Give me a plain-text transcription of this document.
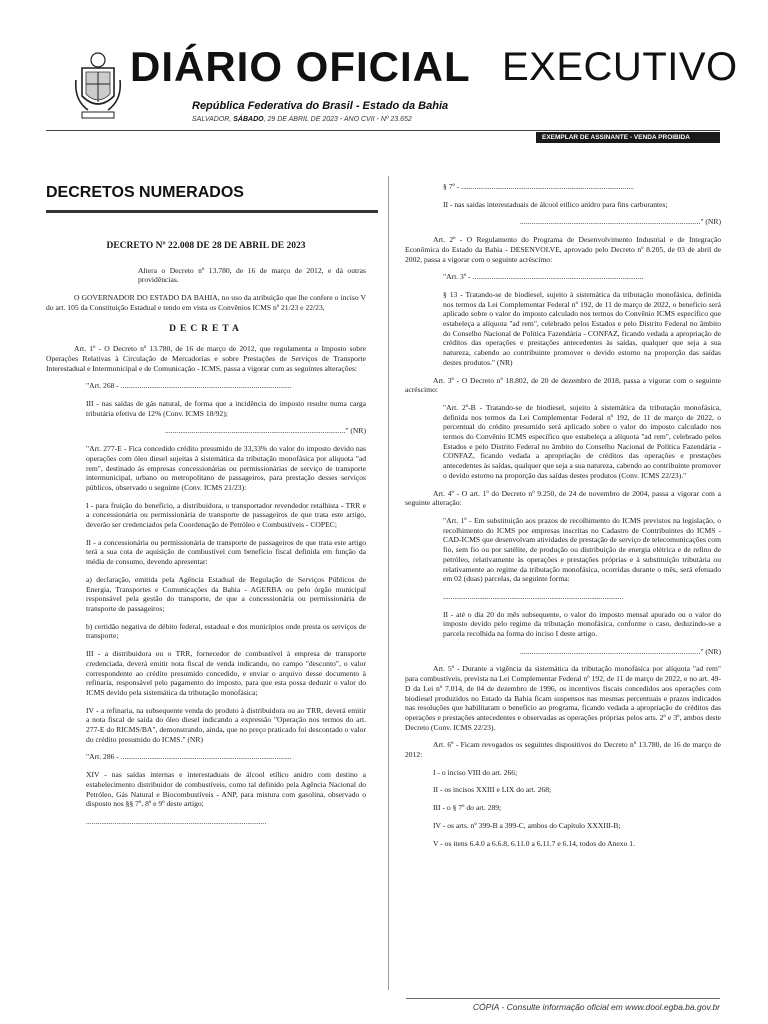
DIÁRIO OFICIAL EXECUTIVO
República Federativa do Brasil - Estado da Bahia
SALVADOR, SÁBADO, 29 DE ABRIL DE 2023 - ANO CVII - Nº 23.652
EXEMPLAR DE ASSINANTE - VENDA PROIBIDA
DECRETOS NUMERADOS
DECRETO Nº 22.008 DE 28 DE ABRIL DE 2023

Altera o Decreto nº 13.780, de 16 de março de 2012, e dá outras providências.

O GOVERNADOR DO ESTADO DA BAHIA, no uso da atribuição que lhe confere o inciso V do art. 105 da Constituição Estadual e tendo em vista os Convênios ICMS nº 21/23 e 22/23,

DECRETA

Art. 1º - O Decreto nº 13.780, de 16 de março de 2012, que regulamenta o Imposto sobre Operações Relativas à Circulação de Mercadorias e sobre Prestações de Serviços de Transporte Interestadual e Intermunicipal e de Comunicação - ICMS, passa a vigorar com as seguintes alterações:

"Art. 268 - ..........................................................................................

III - nas saídas de gás natural, de forma que a incidência do imposto resulte numa carga tributária efetiva de 12% (Conv. ICMS 18/92);

..............................................................................................." (NR)

"Art. 277-E - Fica concedido crédito presumido de 33,33% do valor do imposto devido nas operações com óleo diesel sujeitas à sistemática da tributação monofásica por alíquota "ad rem", destinado às empresas concessionárias ou permissionárias de serviço de transporte intermunicipal, urbano ou metropolitano de passageiros, para prestação desses serviços públicos, observado o seguinte (Conv. ICMS 21/23):

I - para fruição do benefício, a distribuidora, o transportador revendedor retalhista - TRR e a concessionária ou permissionária de transporte de passageiros de que trata este artigo, deverão ser credenciados pela Coordenação de Petróleo e Combustíveis - COPEC;

II - a concessionária ou permissionária de transporte de passageiros de que trata este artigo terá a sua cota de aquisição de combustível com benefício fiscal definida em função da média de consumo, devendo apresentar:

a) declaração, emitida pela Agência Estadual de Regulação de Serviços Públicos de Energia, Transportes e Comunicações da Bahia - AGERBA ou pelo órgão municipal responsável pela gestão do transporte, de que a concessionária ou permissionária de transporte de passageiros;

b) certidão negativa de débito federal, estadual e dos municípios onde presta os serviços de transporte;

III - a distribuidora ou o TRR, fornecedor de combustível à empresa de transporte credenciada, deverá emitir nota fiscal de venda indicando, no campo "desconto", o valor correspondente ao crédito presumido concedido, e enviar o arquivo desse documento à refinaria, responsável pelo pagamento do imposto, para que esta possa deduzir o valor do ICMS devido pela sistemática da tributação monofásica;

IV - a refinaria, na subsequente venda do produto à distribuidora ou ao TRR, deverá emitir a nota fiscal de saída do óleo diesel indicando a expressão "Operação nos termos do art. 277-E do RICMS/BA", demonstrando, ainda, que no preço praticado foi descontado o valor do crédito presumido do ICMS." (NR)

"Art. 286 - ..........................................................................................

XIV - nas saídas internas e interestaduais de álcool etílico anidro com destino a estabelecimento distribuidor de combustíveis, como tal definido pela Agência Nacional do Petróleo, Gás Natural e Biocombustíveis - ANP, para mistura com gasolina, observado o disposto nos §§ 7º, 8º e 9º deste artigo;

...............................................................................................

§ 7º - ...........................................................................................

II - nas saídas interestaduais de álcool etílico anidro para fins carburantes;

..............................................................................................." (NR)

Art. 2º - O Regulamento do Programa de Desenvolvimento Industrial e de Integração Econômica do Estado da Bahia - DESENVOLVE, aprovado pelo Decreto nº 8.205, de 03 de abril de 2002, passa a vigorar com o seguinte acréscimo:

"Art. 3º - ..........................................................................................

§ 13 - Tratando-se de biodiesel, sujeito à sistemática da tributação monofásica, definida nos termos da Lei Complementar Federal nº 192, de 11 de março de 2022, o benefício será aplicado sobre o valor do imposto calculado nos termos do Convênio ICMS específico que estabeleça a alíquota "ad rem", celebrado pelos Estados e pelo Distrito Federal no âmbito do Conselho Nacional de Política Fazendária - CONFAZ, ficando vedada a apropriação de créditos das operações e prestações antecedentes às saídas, qualquer que seja a sua natureza, cabendo ao contribuinte promover o devido estorno na proporção das saídas destes produtos." (NR)

Art. 3º - O Decreto nº 18.802, de 20 de dezembro de 2018, passa a vigorar com o seguinte acréscimo:

"Art. 2º-B - Tratando-se de biodiesel, sujeito à sistemática da tributação monofásica, definida nos termos da Lei Complementar Federal nº 192, de 11 de março de 2022, o percentual do crédito presumido será aplicado sobre o valor do imposto calculado nos termos do Convênio ICMS específico que estabeleça a alíquota "ad rem", celebrado pelos Estados e pelo Distrito Federal no âmbito do Conselho Nacional de Política Fazendária - CONFAZ, ficando vedada a apropriação de créditos das operações e prestações antecedentes às saídas, qualquer que seja a sua natureza, cabendo ao contribuinte promover o devido estorno na proporção das saídas destes produtos (Conv. ICMS 22/23)."

Art. 4º - O art. 1º do Decreto nº 9.250, de 24 de novembro de 2004, passa a vigorar com a seguinte alteração:

"Art. 1º - Em substituição aos prazos de recolhimento do ICMS previstos na legislação, o recolhimento do ICMS por empresas inscritas no Cadastro de Contribuintes do ICMS - CAD-ICMS que desenvolvam atividades de prestação de serviço de telecomunicações com fio, sem fio ou por satélite, de produção ou distribuição de energia elétrica e de refino de petróleo, relativamente às operações e prestações próprias e à substituição tributária ou relativamente ao regime da tributação monofásica, ocorridas durante o mês, será efetuado em 02 (duas) parcelas, da seguinte forma:

...............................................................................................

II - até o dia 20 do mês subsequente, o valor do imposto mensal apurado ou o valor do imposto devido pelo regime da tributação monofásica, conforme o caso, deduzindo-se a parcela recolhida na forma do inciso I deste artigo.

..............................................................................................." (NR)

Art. 5º - Durante a vigência da sistemática da tributação monofásica por alíquota "ad rem" para combustíveis, prevista na Lei Complementar Federal nº 192, de 11 de março de 2022, e no art. 49-D da Lei nº 7.014, de 04 de dezembro de 1996, os incentivos fiscais concedidos aos operações com biodiesel produzidos no Estado da Bahia ficam suspensos nas mesmas percentuais e prazos indicados nas resoluções que habilitaram o benefício ao programa, ficando vedada a apropriação de créditos das operações e prestações antecedentes e observadas as operações próprias pelos arts. 2º e 3º, ambos deste Decreto (Conv. ICMS 22/23).

Art. 6º - Ficam revogados os seguintes dispositivos do Decreto nº 13.780, de 16 de março de 2012:

I - o inciso VIII do art. 266;

II - os incisos XXIII e LIX do art. 268;

III - o § 7º do art. 289;

IV - os arts. nº 399-B a 399-C, ambos do Capítulo XXXIII-B;

V - os itens 6.4.0 a 6.6.8, 6.11.0 a 6.11.7 e 6.14, todos do Anexo 1.

CÓPIA - Consulte informação oficial em www.dool.egba.ba.gov.br
